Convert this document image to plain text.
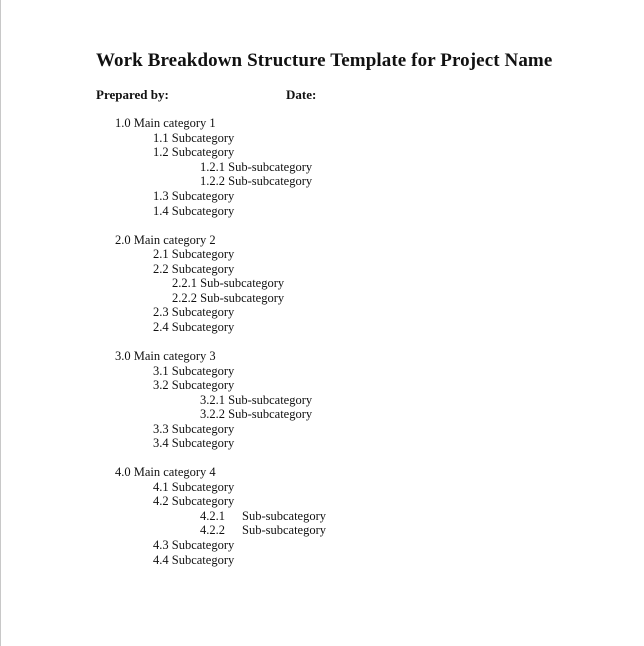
Work Breakdown Structure Template for Project Name
Prepared by:	Date:
1.0 Main category 1
1.1 Subcategory
1.2 Subcategory
1.2.1 Sub-subcategory
1.2.2 Sub-subcategory
1.3 Subcategory
1.4 Subcategory
2.0 Main category 2
2.1 Subcategory
2.2 Subcategory
2.2.1 Sub-subcategory
2.2.2 Sub-subcategory
2.3 Subcategory
2.4 Subcategory
3.0 Main category 3
3.1 Subcategory
3.2 Subcategory
3.2.1 Sub-subcategory
3.2.2 Sub-subcategory
3.3 Subcategory
3.4 Subcategory
4.0 Main category 4
4.1 Subcategory
4.2 Subcategory
4.2.1 Sub-subcategory
4.2.2 Sub-subcategory
4.3 Subcategory
4.4 Subcategory
